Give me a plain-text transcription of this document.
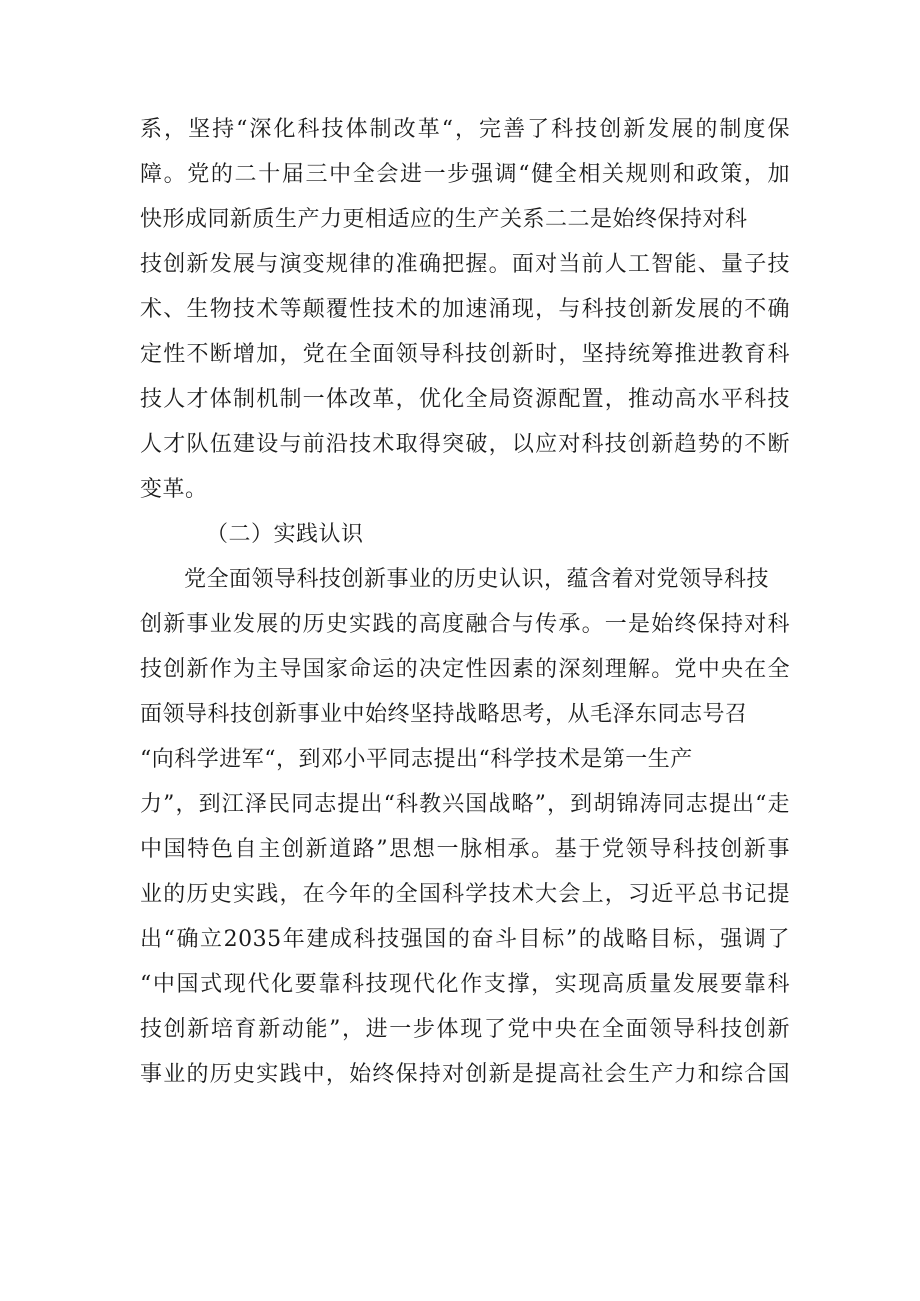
系，坚持“深化科技体制改革“，完善了科技创新发展的制度保
障。党的二十届三中全会进一步强调“健全相关规则和政策，加
快形成同新质生产力更相适应的生产关系二二是始终保持对科
技创新发展与演变规律的准确把握。面对当前人工智能、量子技
术、生物技术等颠覆性技术的加速涌现，与科技创新发展的不确
定性不断增加，党在全面领导科技创新时，坚持统筹推进教育科
技人才体制机制一体改革，优化全局资源配置，推动高水平科技
人才队伍建设与前沿技术取得突破，以应对科技创新趋势的不断
变革。
（二）实践认识
党全面领导科技创新事业的历史认识，蕴含着对党领导科技
创新事业发展的历史实践的高度融合与传承。一是始终保持对科
技创新作为主导国家命运的决定性因素的深刻理解。党中央在全
面领导科技创新事业中始终坚持战略思考，从毛泽东同志号召
“向科学进军“，到邓小平同志提出“科学技术是第一生产
力”，到江泽民同志提出“科教兴国战略”，到胡锦涛同志提出“走
中国特色自主创新道路”思想一脉相承。基于党领导科技创新事
业的历史实践，在今年的全国科学技术大会上，习近平总书记提
出“确立2035年建成科技强国的奋斗目标”的战略目标，强调了
“中国式现代化要靠科技现代化作支撑，实现高质量发展要靠科
技创新培育新动能”，进一步体现了党中央在全面领导科技创新
事业的历史实践中，始终保持对创新是提高社会生产力和综合国
